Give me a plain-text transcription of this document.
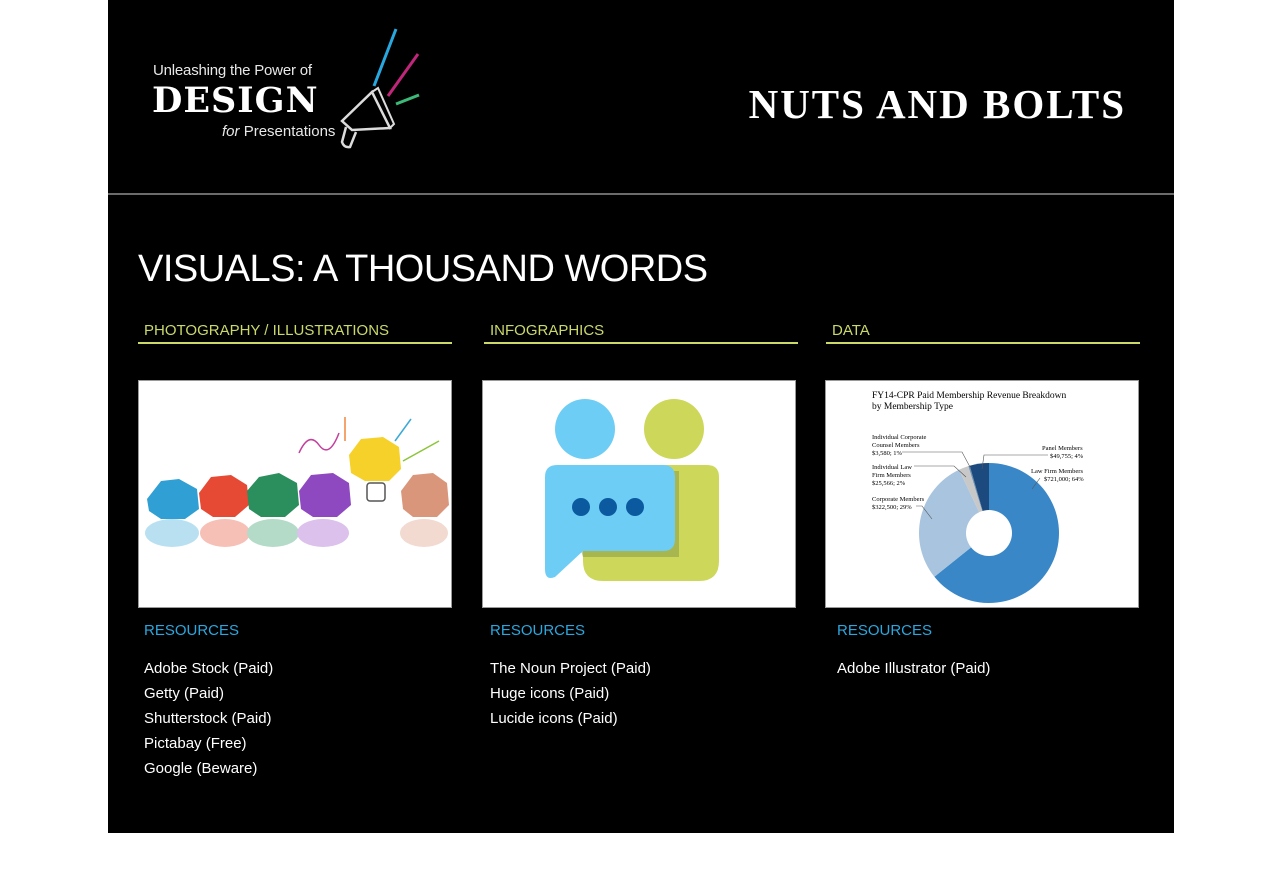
Unleashing the Power of
DESIGN
for Presentations
NUTS AND BOLTS
VISUALS: A THOUSAND WORDS
PHOTOGRAPHY / ILLUSTRATIONS
RESOURCES
Adobe Stock (Paid)
Getty (Paid)
Shutterstock (Paid)
Pictabay (Free)
Google (Beware)
INFOGRAPHICS
RESOURCES
The Noun Project (Paid)
Huge icons (Paid)
Lucide icons (Paid)
DATA
FY14-CPR Paid Membership Revenue Breakdown
by Membership Type
Individual Corporate
Counsel Members
$3,580; 1%
Individual Law
Firm Members
$25,566; 2%
Corporate Members
$322,500; 29%
Panel Members
$49,755; 4%
Law Firm Members
$721,000; 64%
RESOURCES
Adobe Illustrator (Paid)
